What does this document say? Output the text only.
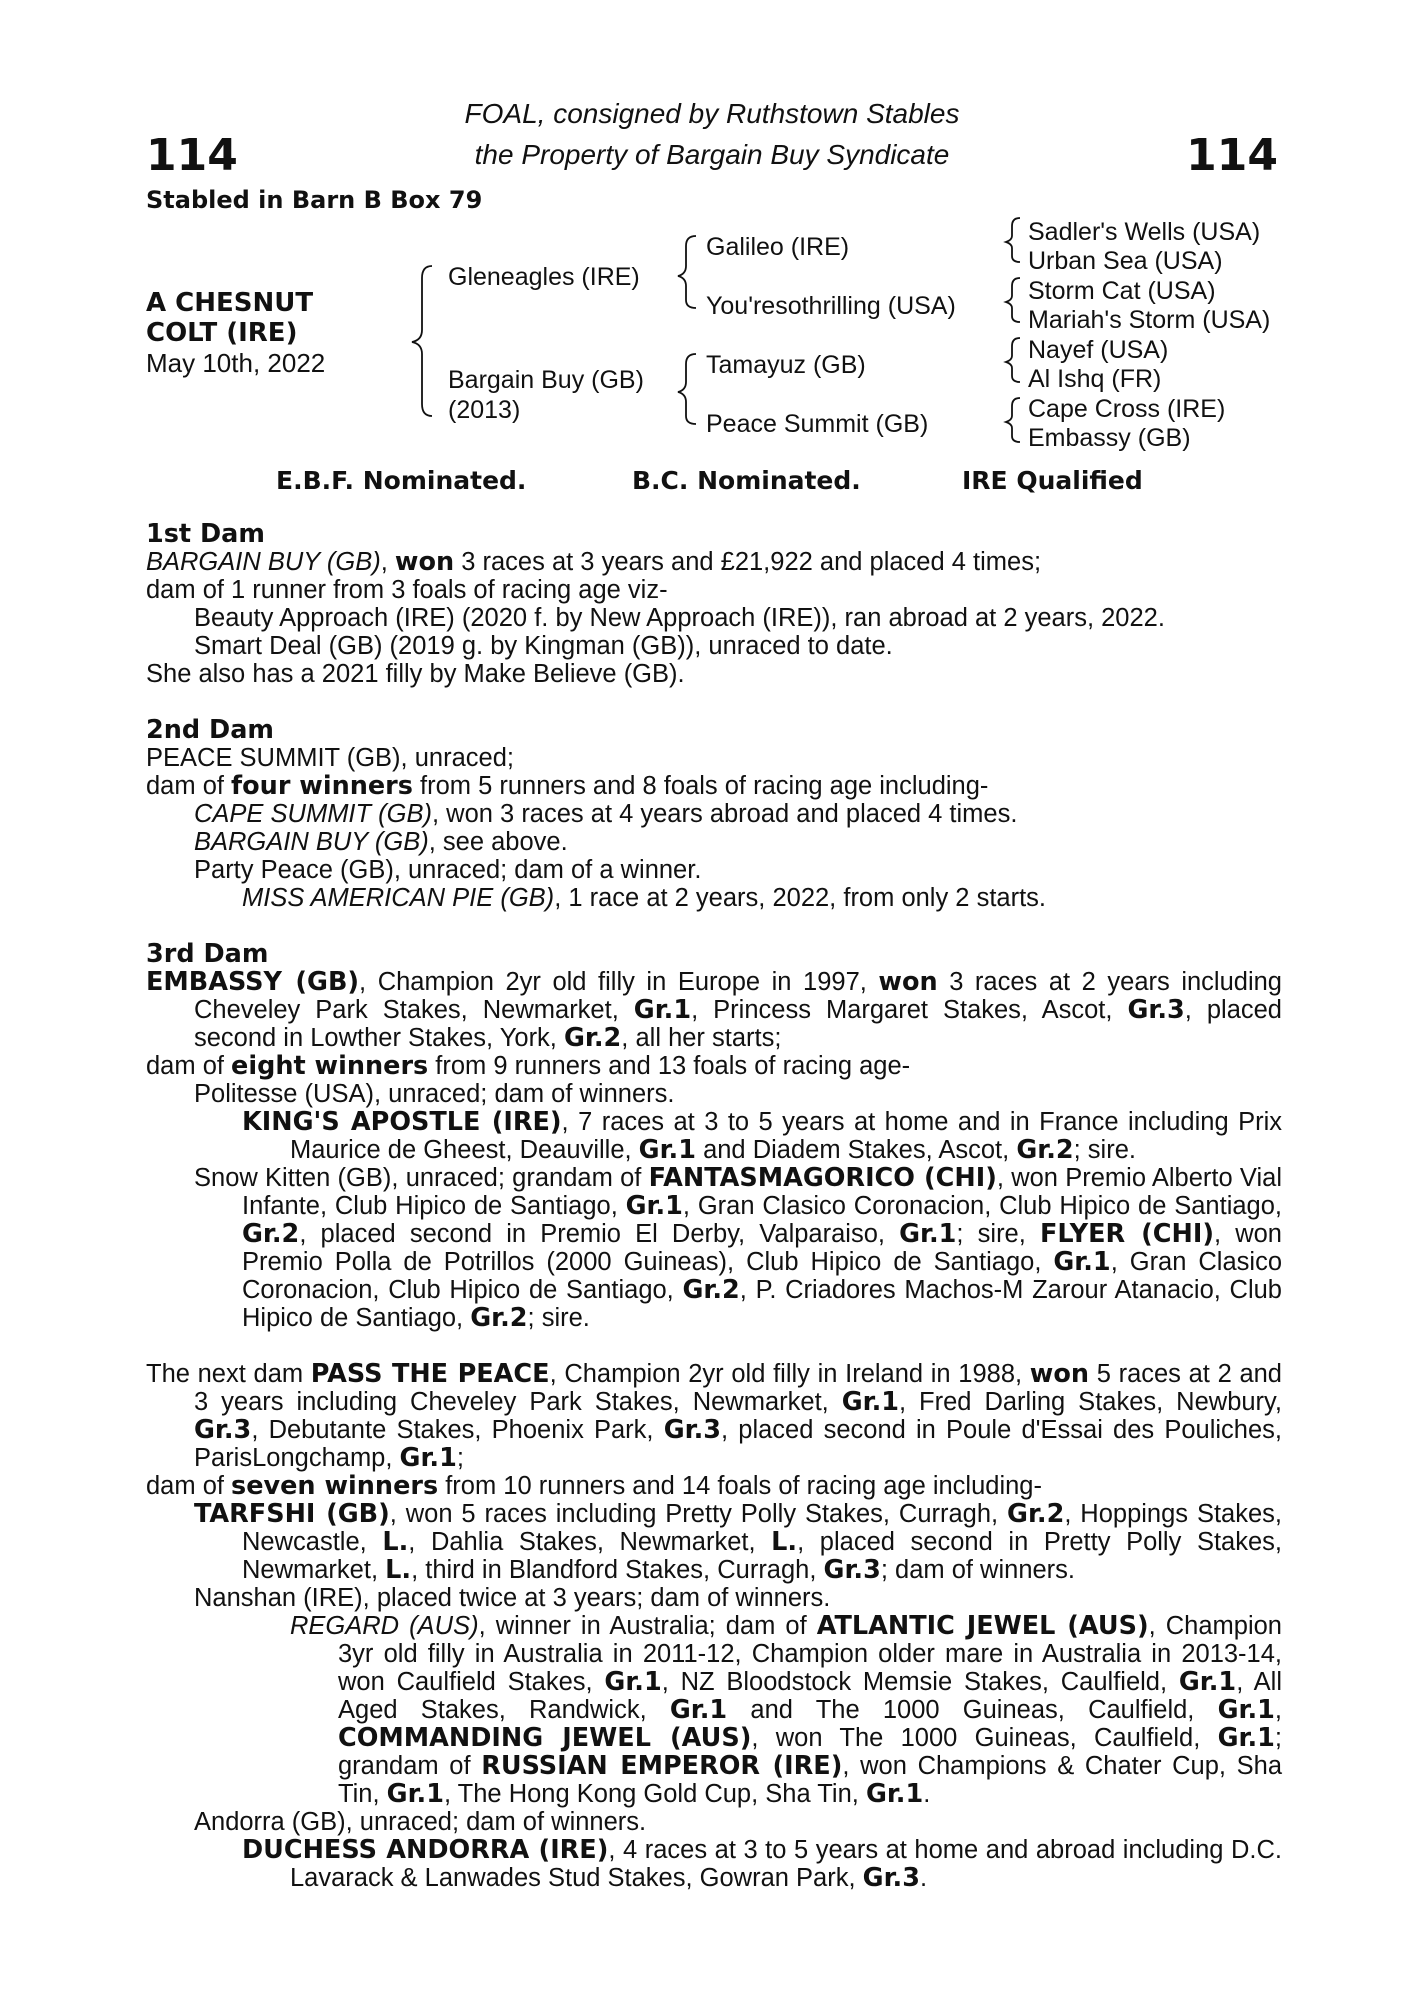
114	114
FOAL, consigned by Ruthstown Stables
the Property of Bargain Buy Syndicate
Stabled in Barn B Box 79
A CHESNUT
COLT (IRE)
May 10th, 2022
Gleneagles (IRE)
Bargain Buy (GB)
(2013)
Galileo (IRE)
You'resothrilling (USA)
Tamayuz (GB)
Peace Summit (GB)
Sadler's Wells (USA)
Urban Sea (USA)
Storm Cat (USA)
Mariah's Storm (USA)
Nayef (USA)
Al Ishq (FR)
Cape Cross (IRE)
Embassy (GB)
E.B.F. Nominated.	B.C. Nominated.	IRE Qualified

1st Dam

BARGAIN BUY (GB), won 3 races at 3 years and £21,922 and placed 4 times;

dam of 1 runner from 3 foals of racing age viz-

Beauty Approach (IRE) (2020 f. by New Approach (IRE)), ran abroad at 2 years, 2022.

Smart Deal (GB) (2019 g. by Kingman (GB)), unraced to date.

She also has a 2021 filly by Make Believe (GB).

2nd Dam

PEACE SUMMIT (GB), unraced;

dam of four winners from 5 runners and 8 foals of racing age including-

CAPE SUMMIT (GB), won 3 races at 4 years abroad and placed 4 times.

BARGAIN BUY (GB), see above.

Party Peace (GB), unraced; dam of a winner.

MISS AMERICAN PIE (GB), 1 race at 2 years, 2022, from only 2 starts.

3rd Dam

EMBASSY (GB), Champion 2yr old filly in Europe in 1997, won 3 races at 2 years including Cheveley Park Stakes, Newmarket, Gr.1, Princess Margaret Stakes, Ascot, Gr.3, placed second in Lowther Stakes, York, Gr.2, all her starts;

dam of eight winners from 9 runners and 13 foals of racing age-

Politesse (USA), unraced; dam of winners.

KING'S APOSTLE (IRE), 7 races at 3 to 5 years at home and in France including Prix Maurice de Gheest, Deauville, Gr.1 and Diadem Stakes, Ascot, Gr.2; sire.

Snow Kitten (GB), unraced; grandam of FANTASMAGORICO (CHI), won Premio Alberto Vial Infante, Club Hipico de Santiago, Gr.1, Gran Clasico Coronacion, Club Hipico de Santiago, Gr.2, placed second in Premio El Derby, Valparaiso, Gr.1; sire, FLYER (CHI), won Premio Polla de Potrillos (2000 Guineas), Club Hipico de Santiago, Gr.1, Gran Clasico Coronacion, Club Hipico de Santiago, Gr.2, P. Criadores Machos-M Zarour Atanacio, Club Hipico de Santiago, Gr.2; sire.

The next dam PASS THE PEACE, Champion 2yr old filly in Ireland in 1988, won 5 races at 2 and 3 years including Cheveley Park Stakes, Newmarket, Gr.1, Fred Darling Stakes, Newbury, Gr.3, Debutante Stakes, Phoenix Park, Gr.3, placed second in Poule d'Essai des Pouliches, ParisLongchamp, Gr.1;

dam of seven winners from 10 runners and 14 foals of racing age including-

TARFSHI (GB), won 5 races including Pretty Polly Stakes, Curragh, Gr.2, Hoppings Stakes, Newcastle, L., Dahlia Stakes, Newmarket, L., placed second in Pretty Polly Stakes, Newmarket, L., third in Blandford Stakes, Curragh, Gr.3; dam of winners.

Nanshan (IRE), placed twice at 3 years; dam of winners.

REGARD (AUS), winner in Australia; dam of ATLANTIC JEWEL (AUS), Champion 3yr old filly in Australia in 2011-12, Champion older mare in Australia in 2013-14, won Caulfield Stakes, Gr.1, NZ Bloodstock Memsie Stakes, Caulfield, Gr.1, All Aged Stakes, Randwick, Gr.1 and The 1000 Guineas, Caulfield, Gr.1, COMMANDING JEWEL (AUS), won The 1000 Guineas, Caulfield, Gr.1; grandam of RUSSIAN EMPEROR (IRE), won Champions & Chater Cup, Sha Tin, Gr.1, The Hong Kong Gold Cup, Sha Tin, Gr.1.

Andorra (GB), unraced; dam of winners.

DUCHESS ANDORRA (IRE), 4 races at 3 to 5 years at home and abroad including D.C. Lavarack & Lanwades Stud Stakes, Gowran Park, Gr.3.
